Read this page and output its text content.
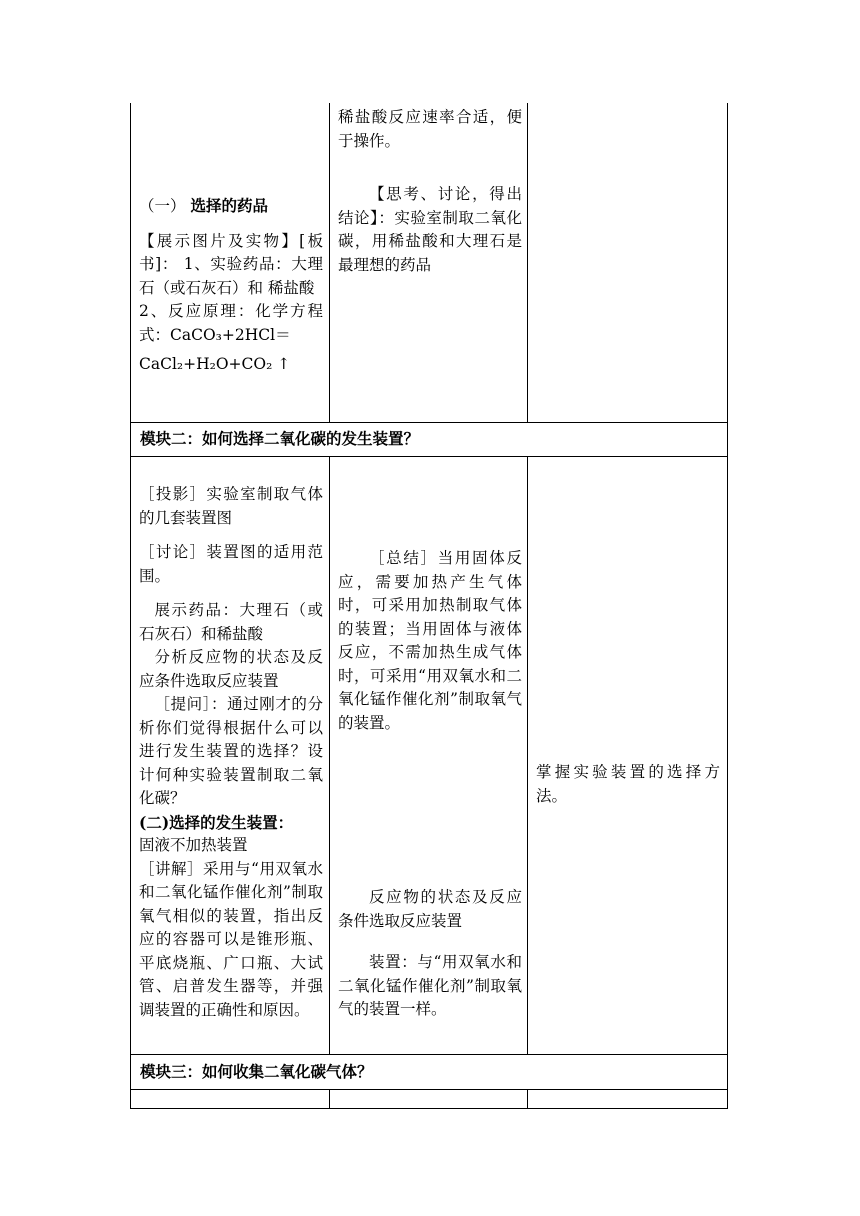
（一） 选择的药品

【展示图片及实物】[板书]： 1、实验药品：大理石（或石灰石）和 稀盐酸

2、反应原理：化学方程式：CaCO₃+2HCl＝

CaCl₂+H₂O+CO₂ ↑

稀盐酸反应速率合适，便于操作。

【思考、讨论，得出结论】：实验室制取二氧化碳，用稀盐酸和大理石是最理想的药品

模块二：如何选择二氧化碳的发生装置？

［投影］实验室制取气体的几套装置图

［讨论］装置图的适用范围。

展示药品：大理石（或石灰石）和稀盐酸

分析反应物的状态及反应条件选取反应装置

［提问］：通过刚才的分析你们觉得根据什么可以进行发生装置的选择？设计何种实验装置制取二氧化碳？

(二)选择的发生装置：

固液不加热装置

［讲解］采用与“用双氧水和二氧化锰作催化剂”制取氧气相似的装置，指出反应的容器可以是锥形瓶、平底烧瓶、广口瓶、大试管、启普发生器等，并强调装置的正确性和原因。

［总结］当用固体反应，需要加热产生气体时，可采用加热制取气体的装置；当用固体与液体反应，不需加热生成气体时，可采用“用双氧水和二氧化锰作催化剂”制取氧气的装置。

反应物的状态及反应条件选取反应装置

装置：与“用双氧水和二氧化锰作催化剂”制取氧气的装置一样。

掌握实验装置的选择方法。

模块三：如何收集二氧化碳气体？
